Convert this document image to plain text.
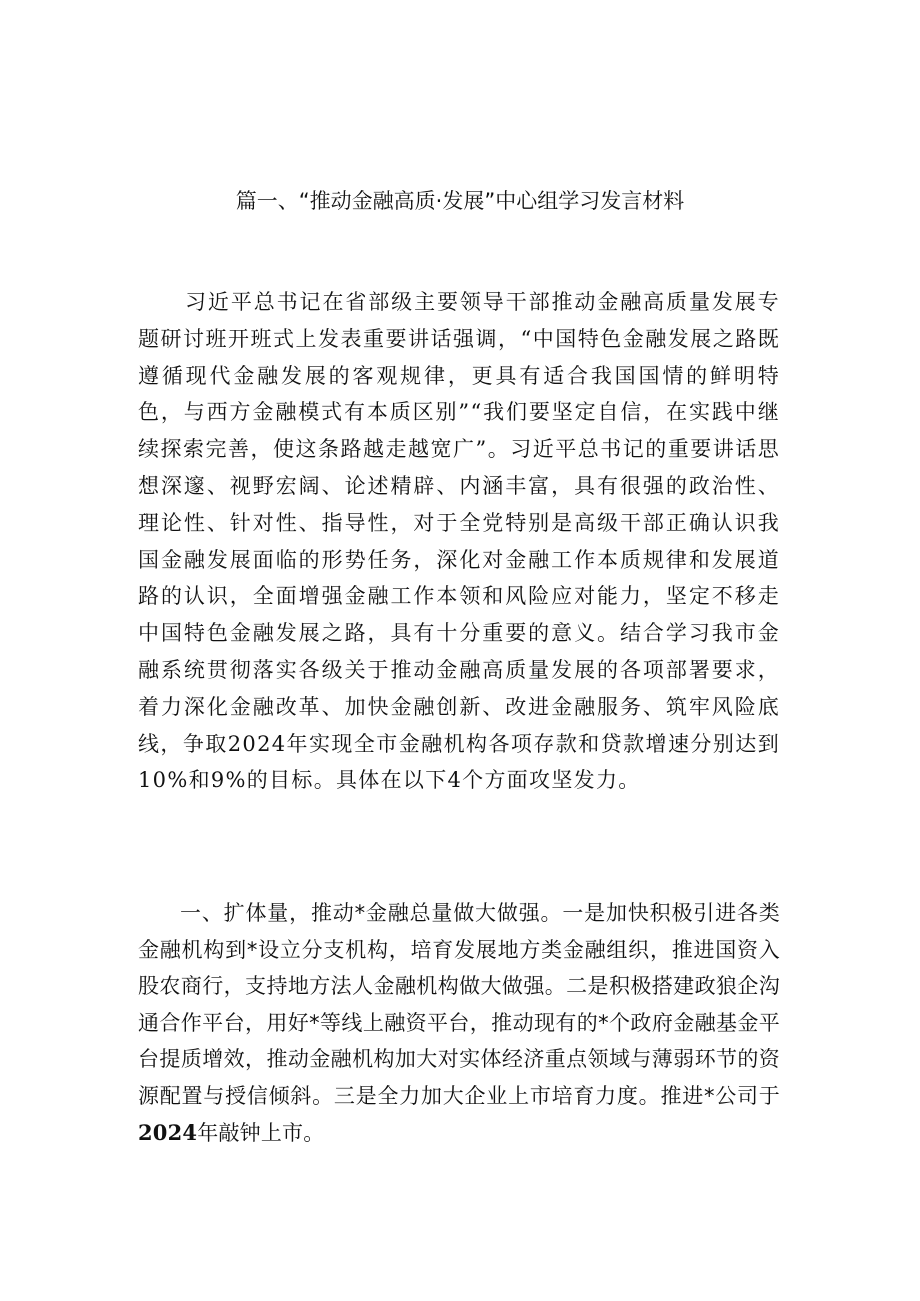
篇一、“推动金融高质·发展”中心组学习发言材料

习近平总书记在省部级主要领导干部推动金融高质量发展专题研讨班开班式上发表重要讲话强调，“中国特色金融发展之路既遵循现代金融发展的客观规律，更具有适合我国国情的鲜明特色，与西方金融模式有本质区别”“我们要坚定自信，在实践中继续探索完善，使这条路越走越宽广”。习近平总书记的重要讲话思想深邃、视野宏阔、论述精辟、内涵丰富，具有很强的政治性、理论性、针对性、指导性，对于全党特别是高级干部正确认识我国金融发展面临的形势任务，深化对金融工作本质规律和发展道路的认识，全面增强金融工作本领和风险应对能力，坚定不移走中国特色金融发展之路，具有十分重要的意义。结合学习我市金融系统贯彻落实各级关于推动金融高质量发展的各项部署要求，着力深化金融改革、加快金融创新、改进金融服务、筑牢风险底线，争取2024年实现全市金融机构各项存款和贷款增速分别达到10%和9%的目标。具体在以下4个方面攻坚发力。

一、扩体量，推动*金融总量做大做强。一是加快积极引进各类金融机构到*设立分支机构，培育发展地方类金融组织，推进国资入股农商行，支持地方法人金融机构做大做强。二是积极搭建政狼企沟通合作平台，用好*等线上融资平台，推动现有的*个政府金融基金平台提质增效，推动金融机构加大对实体经济重点领域与薄弱环节的资源配置与授信倾斜。三是全力加大企业上市培育力度。推进*公司于2024年敲钟上市。
